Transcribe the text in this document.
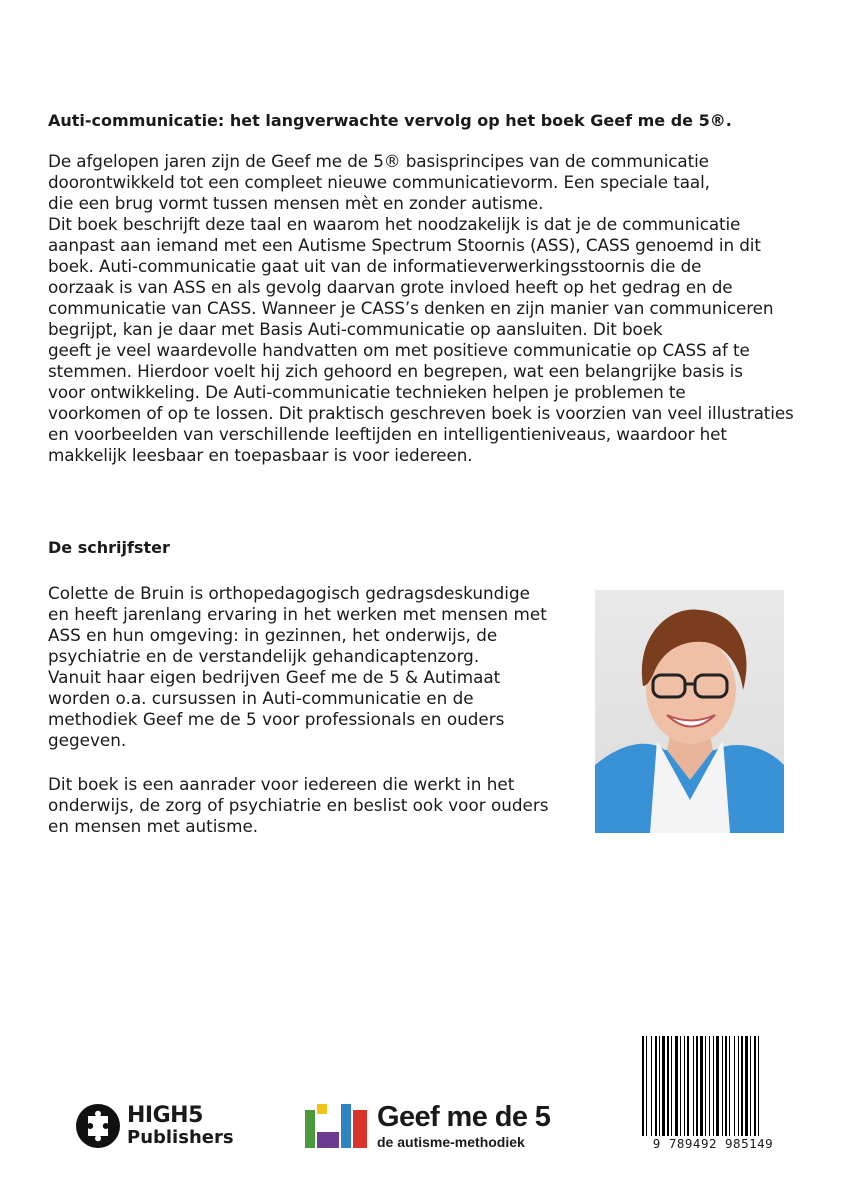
Auti-communicatie: het langverwachte vervolg op het boek Geef me de 5®.

De afgelopen jaren zijn de Geef me de 5® basisprincipes van de communicatie
doorontwikkeld tot een compleet nieuwe communicatievorm. Een speciale taal,
die een brug vormt tussen mensen mèt en zonder autisme.
Dit boek beschrijft deze taal en waarom het noodzakelijk is dat je de communicatie
aanpast aan iemand met een Autisme Spectrum Stoornis (ASS), CASS genoemd in dit
boek. Auti-communicatie gaat uit van de informatieverwerkingsstoornis die de
oorzaak is van ASS en als gevolg daarvan grote invloed heeft op het gedrag en de
communicatie van CASS. Wanneer je CASS’s denken en zijn manier van communiceren
begrijpt, kan je daar met Basis Auti-communicatie op aansluiten. Dit boek
geeft je veel waardevolle handvatten om met positieve communicatie op CASS af te
stemmen. Hierdoor voelt hij zich gehoord en begrepen, wat een belangrijke basis is
voor ontwikkeling. De Auti-communicatie technieken helpen je problemen te
voorkomen of op te lossen. Dit praktisch geschreven boek is voorzien van veel illustraties
en voorbeelden van verschillende leeftijden en intelligentieniveaus, waardoor het
makkelijk leesbaar en toepasbaar is voor iedereen.

De schrijfster

Colette de Bruin is orthopedagogisch gedragsdeskundige
en heeft jarenlang ervaring in het werken met mensen met
ASS en hun omgeving: in gezinnen, het onderwijs, de
psychiatrie en de verstandelijk gehandicaptenzorg.
Vanuit haar eigen bedrijven Geef me de 5 & Autimaat
worden o.a. cursussen in Auti-communicatie en de
methodiek Geef me de 5 voor professionals en ouders
gegeven.

Dit boek is een aanrader voor iedereen die werkt in het
onderwijs, de zorg of psychiatrie en beslist ook voor ouders
en mensen met autisme.

HIGH5
Publishers
Geef me de 5
de autisme-methodiek	9 789492 985149
